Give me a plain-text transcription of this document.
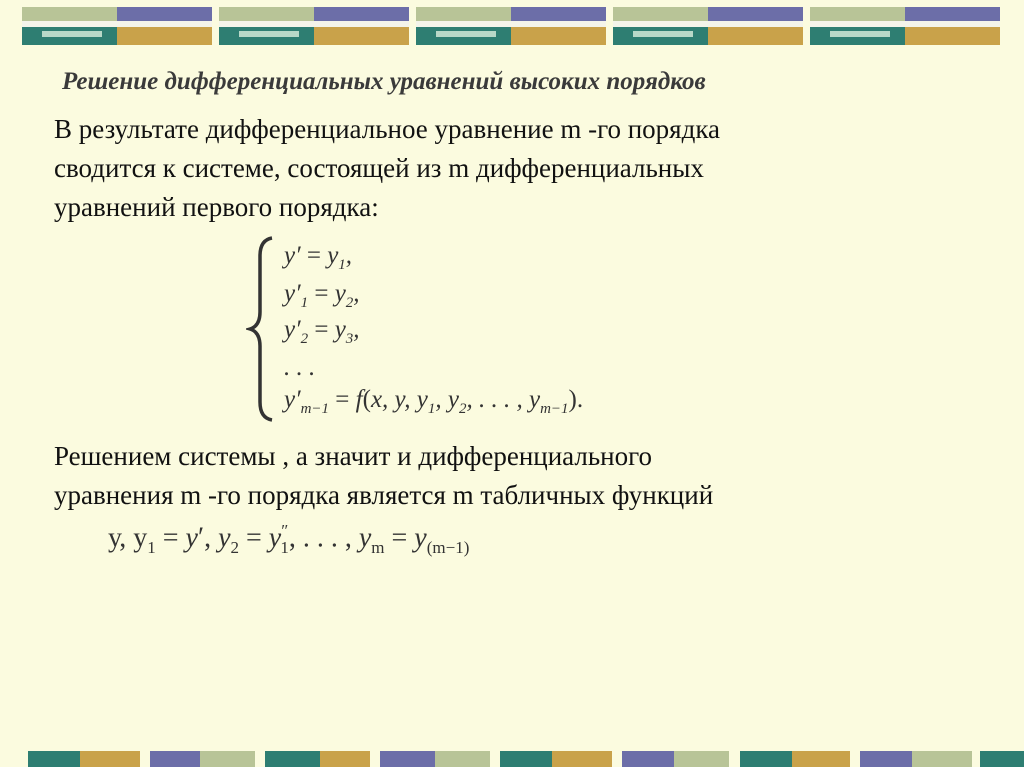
Решение дифференциальных уравнений высоких порядков
В результате дифференциальное уравнение m -го порядка
сводится к системе, состоящей из m дифференциальных
уравнений первого порядка:
$y' = y_1$,
$y'_1 = y_2$,
$y'_2 = y_3$,
. . .
$y'_{m-1} = f(x$, y, $y_1$, $y_2$, . . . , $y_{m-1}$).
Решением системы , а значит и дифференциального
уравнения m -го порядка является m табличных функций
у, $у_1 = y'$, $y_2 = y''_1$, . . . , $y_m = y_{(m-1)}$
